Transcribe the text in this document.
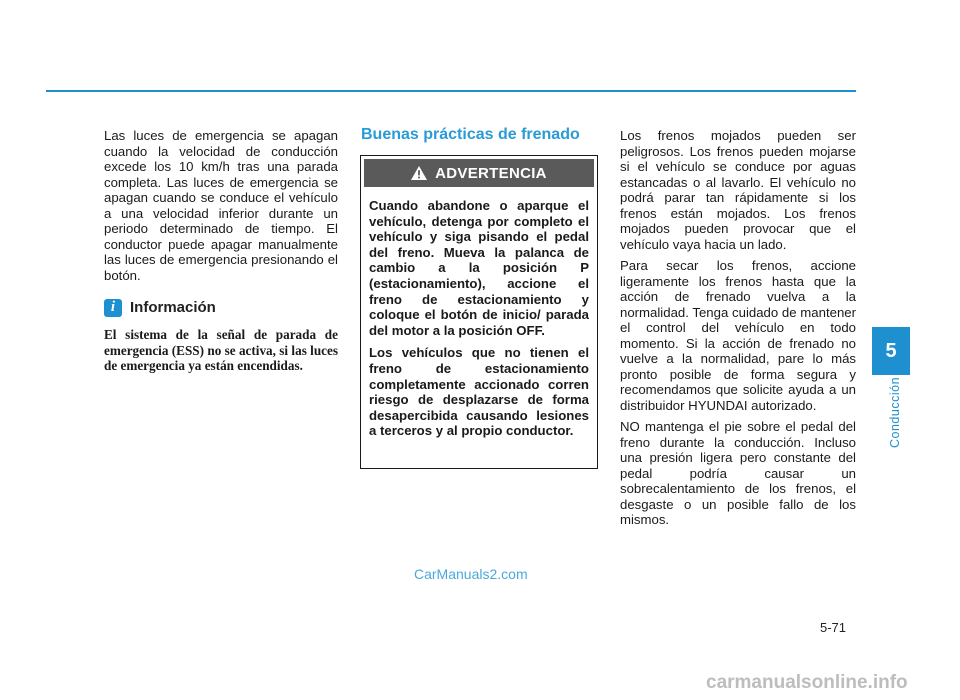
Las luces de emergencia se apagan cuando la velocidad de conducción excede los 10 km/h tras una parada completa. Las luces de emergencia se apagan cuando se conduce el vehículo a una velocidad inferior durante un periodo determinado de tiempo. El conductor puede apagar manualmente las luces de emergencia presionando el botón.

i Información

El sistema de la señal de parada de emergencia (ESS) no se activa, si las luces de emergencia ya están encendidas.

Buenas prácticas de frenado
ADVERTENCIA

Cuando abandone o aparque el vehículo, detenga por completo el vehículo y siga pisando el pedal del freno. Mueva la palanca de cambio a la posición P (estacionamiento), accione el freno de estacionamiento y coloque el botón de inicio/ parada del motor a la posición OFF.

Los vehículos que no tienen el freno de estacionamiento completamente accionado corren riesgo de desplazarse de forma desapercibida causando lesiones a terceros y al propio conductor.

Los frenos mojados pueden ser peligrosos. Los frenos pueden mojarse si el vehículo se conduce por aguas estancadas o al lavarlo. El vehículo no podrá parar tan rápidamente si los frenos están mojados. Los frenos mojados pueden provocar que el vehículo vaya hacia un lado.

Para secar los frenos, accione ligeramente los frenos hasta que la acción de frenado vuelva a la normalidad. Tenga cuidado de mantener el control del vehículo en todo momento. Si la acción de frenado no vuelve a la normalidad, pare lo más pronto posible de forma segura y recomendamos que solicite ayuda a un distribuidor HYUNDAI autorizado.

NO mantenga el pie sobre el pedal del freno durante la conducción. Incluso una presión ligera pero constante del pedal podría causar un sobrecalentamiento de los frenos, el desgaste o un posible fallo de los mismos.

5
Conducción
5-71
CarManuals2.com
carmanualsonline.info
